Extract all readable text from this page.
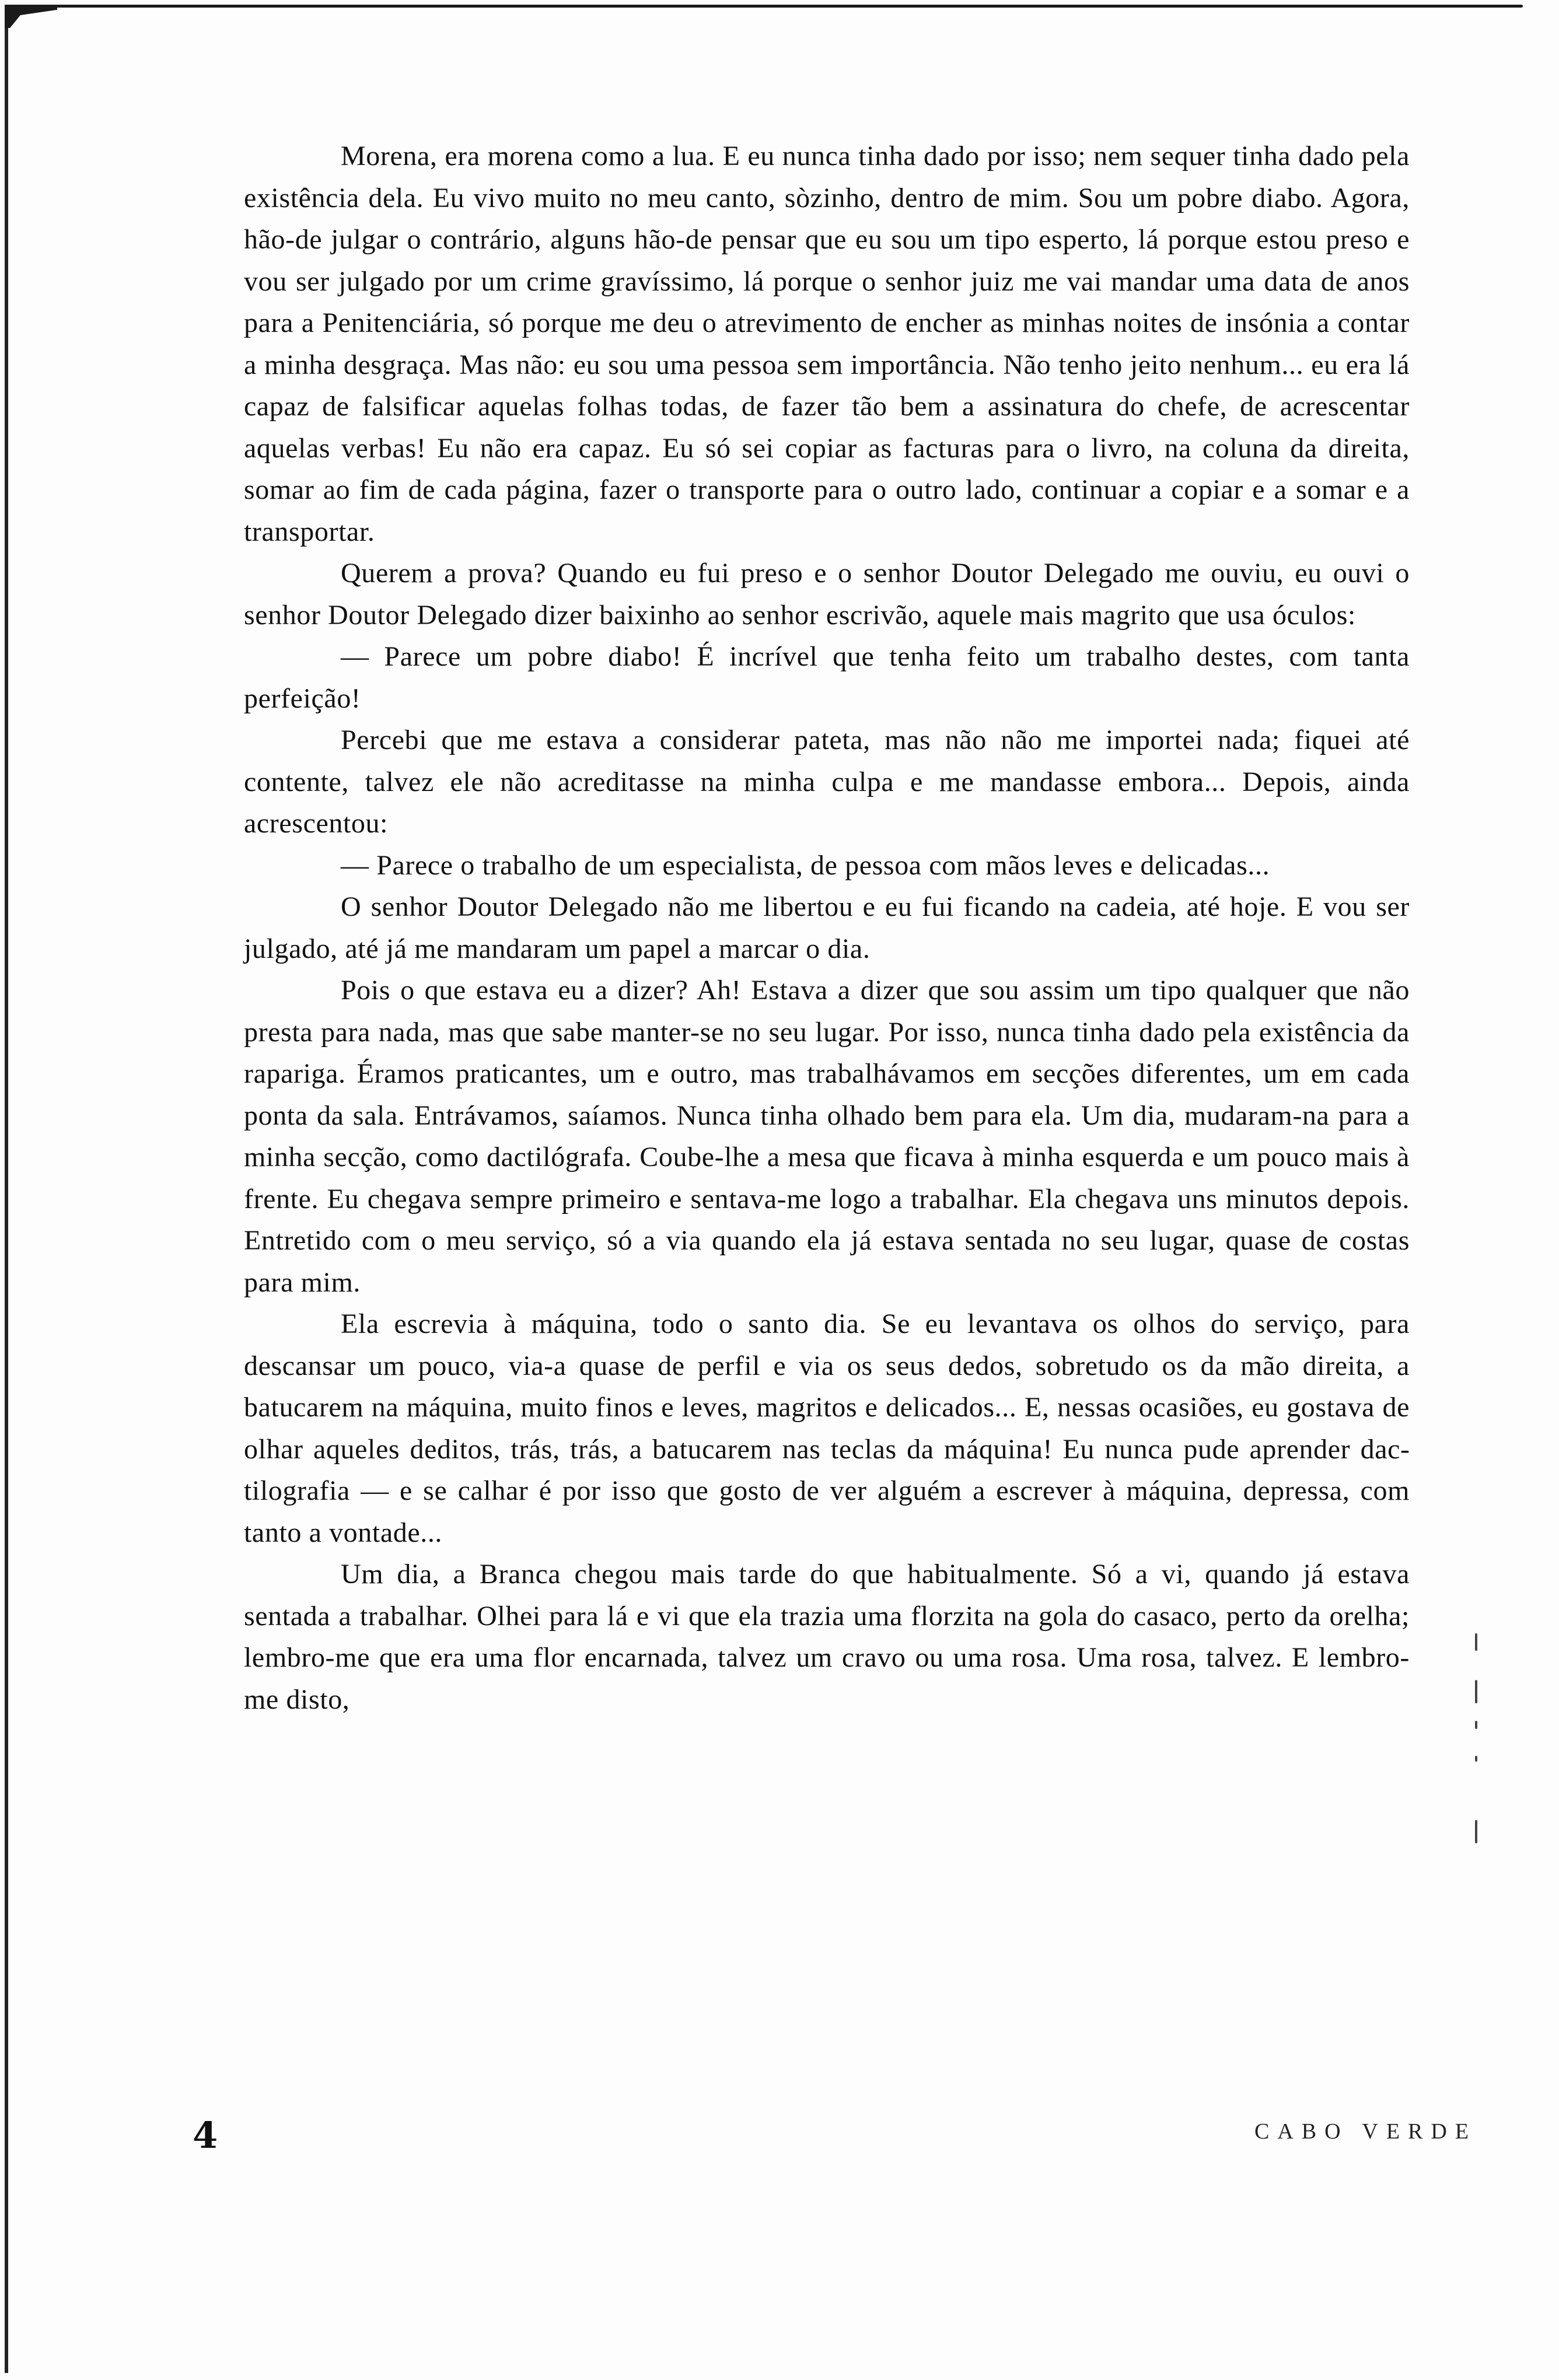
Morena, era morena como a lua. E eu nunca tinha dado por isso; nem sequer tinha dado pela existência dela. Eu vivo muito no meu canto, sòzinho, dentro de mim. Sou um pobre diabo. Agora, hão-de julgar o contrário, alguns hão-de pensar que eu sou um tipo esperto, lá porque estou preso e vou ser julgado por um crime gravíssimo, lá porque o senhor juiz me vai mandar uma data de anos para a Penitenciária, só porque me deu o atrevimento de encher as minhas noites de insónia a contar a minha desgraça. Mas não: eu sou uma pessoa sem importância. Não tenho jeito nenhum... eu era lá capaz de falsificar aquelas folhas todas, de fazer tão bem a assinatura do chefe, de acrescentar aquelas verbas! Eu não era capaz. Eu só sei copiar as facturas para o livro, na coluna da direita, somar ao fim de cada página, fazer o transporte para o outro lado, continuar a copiar e a somar e a transportar.

Querem a prova? Quando eu fui preso e o senhor Doutor Delegado me ouviu, eu ouvi o senhor Doutor Delegado dizer baixinho ao senhor escrivão, aquele mais magrito que usa óculos:

— Parece um pobre diabo! É incrível que tenha feito um trabalho destes, com tanta perfeição!

Percebi que me estava a considerar pateta, mas não não me importei nada; fiquei até contente, talvez ele não acreditasse na minha culpa e me mandasse embora... Depois, ainda acrescentou:

— Parece o trabalho de um especialista, de pessoa com mãos leves e delicadas...

O senhor Doutor Delegado não me libertou e eu fui ficando na cadeia, até hoje. E vou ser julgado, até já me mandaram um papel a marcar o dia.

Pois o que estava eu a dizer? Ah! Estava a dizer que sou assim um tipo qualquer que não presta para nada, mas que sabe manter-se no seu lugar. Por isso, nunca tinha dado pela existência da rapariga. Éramos praticantes, um e outro, mas trabalhávamos em secções diferentes, um em cada ponta da sala. Entrávamos, saíamos. Nunca tinha olhado bem para ela. Um dia, mudaram-na para a minha secção, como dactilógrafa. Coube-lhe a mesa que ficava à minha esquerda e um pouco mais à frente. Eu chegava sempre primeiro e sentava-me logo a trabalhar. Ela chegava uns minutos depois. Entretido com o meu serviço, só a via quando ela já estava sentada no seu lugar, quase de costas para mim.

Ela escrevia à máquina, todo o santo dia. Se eu levantava os olhos do serviço, para descansar um pouco, via-a quase de perfil e via os seus dedos, sobretudo os da mão direita, a batucarem na máquina, muito finos e leves, magritos e delicados... E, nessas ocasiões, eu gostava de olhar aqueles deditos, trás, trás, a batucarem nas teclas da máquina! Eu nunca pude aprender dactilografia — e se calhar é por isso que gosto de ver alguém a escrever à máquina, depressa, com tanto a vontade...

Um dia, a Branca chegou mais tarde do que habitualmente. Só a vi, quando já estava sentada a trabalhar. Olhei para lá e vi que ela trazia uma florzita na gola do casaco, perto da orelha; lembro-me que era uma flor encarnada, talvez um cravo ou uma rosa. Uma rosa, talvez. E lembro-me disto,

4	CABO VERDE
